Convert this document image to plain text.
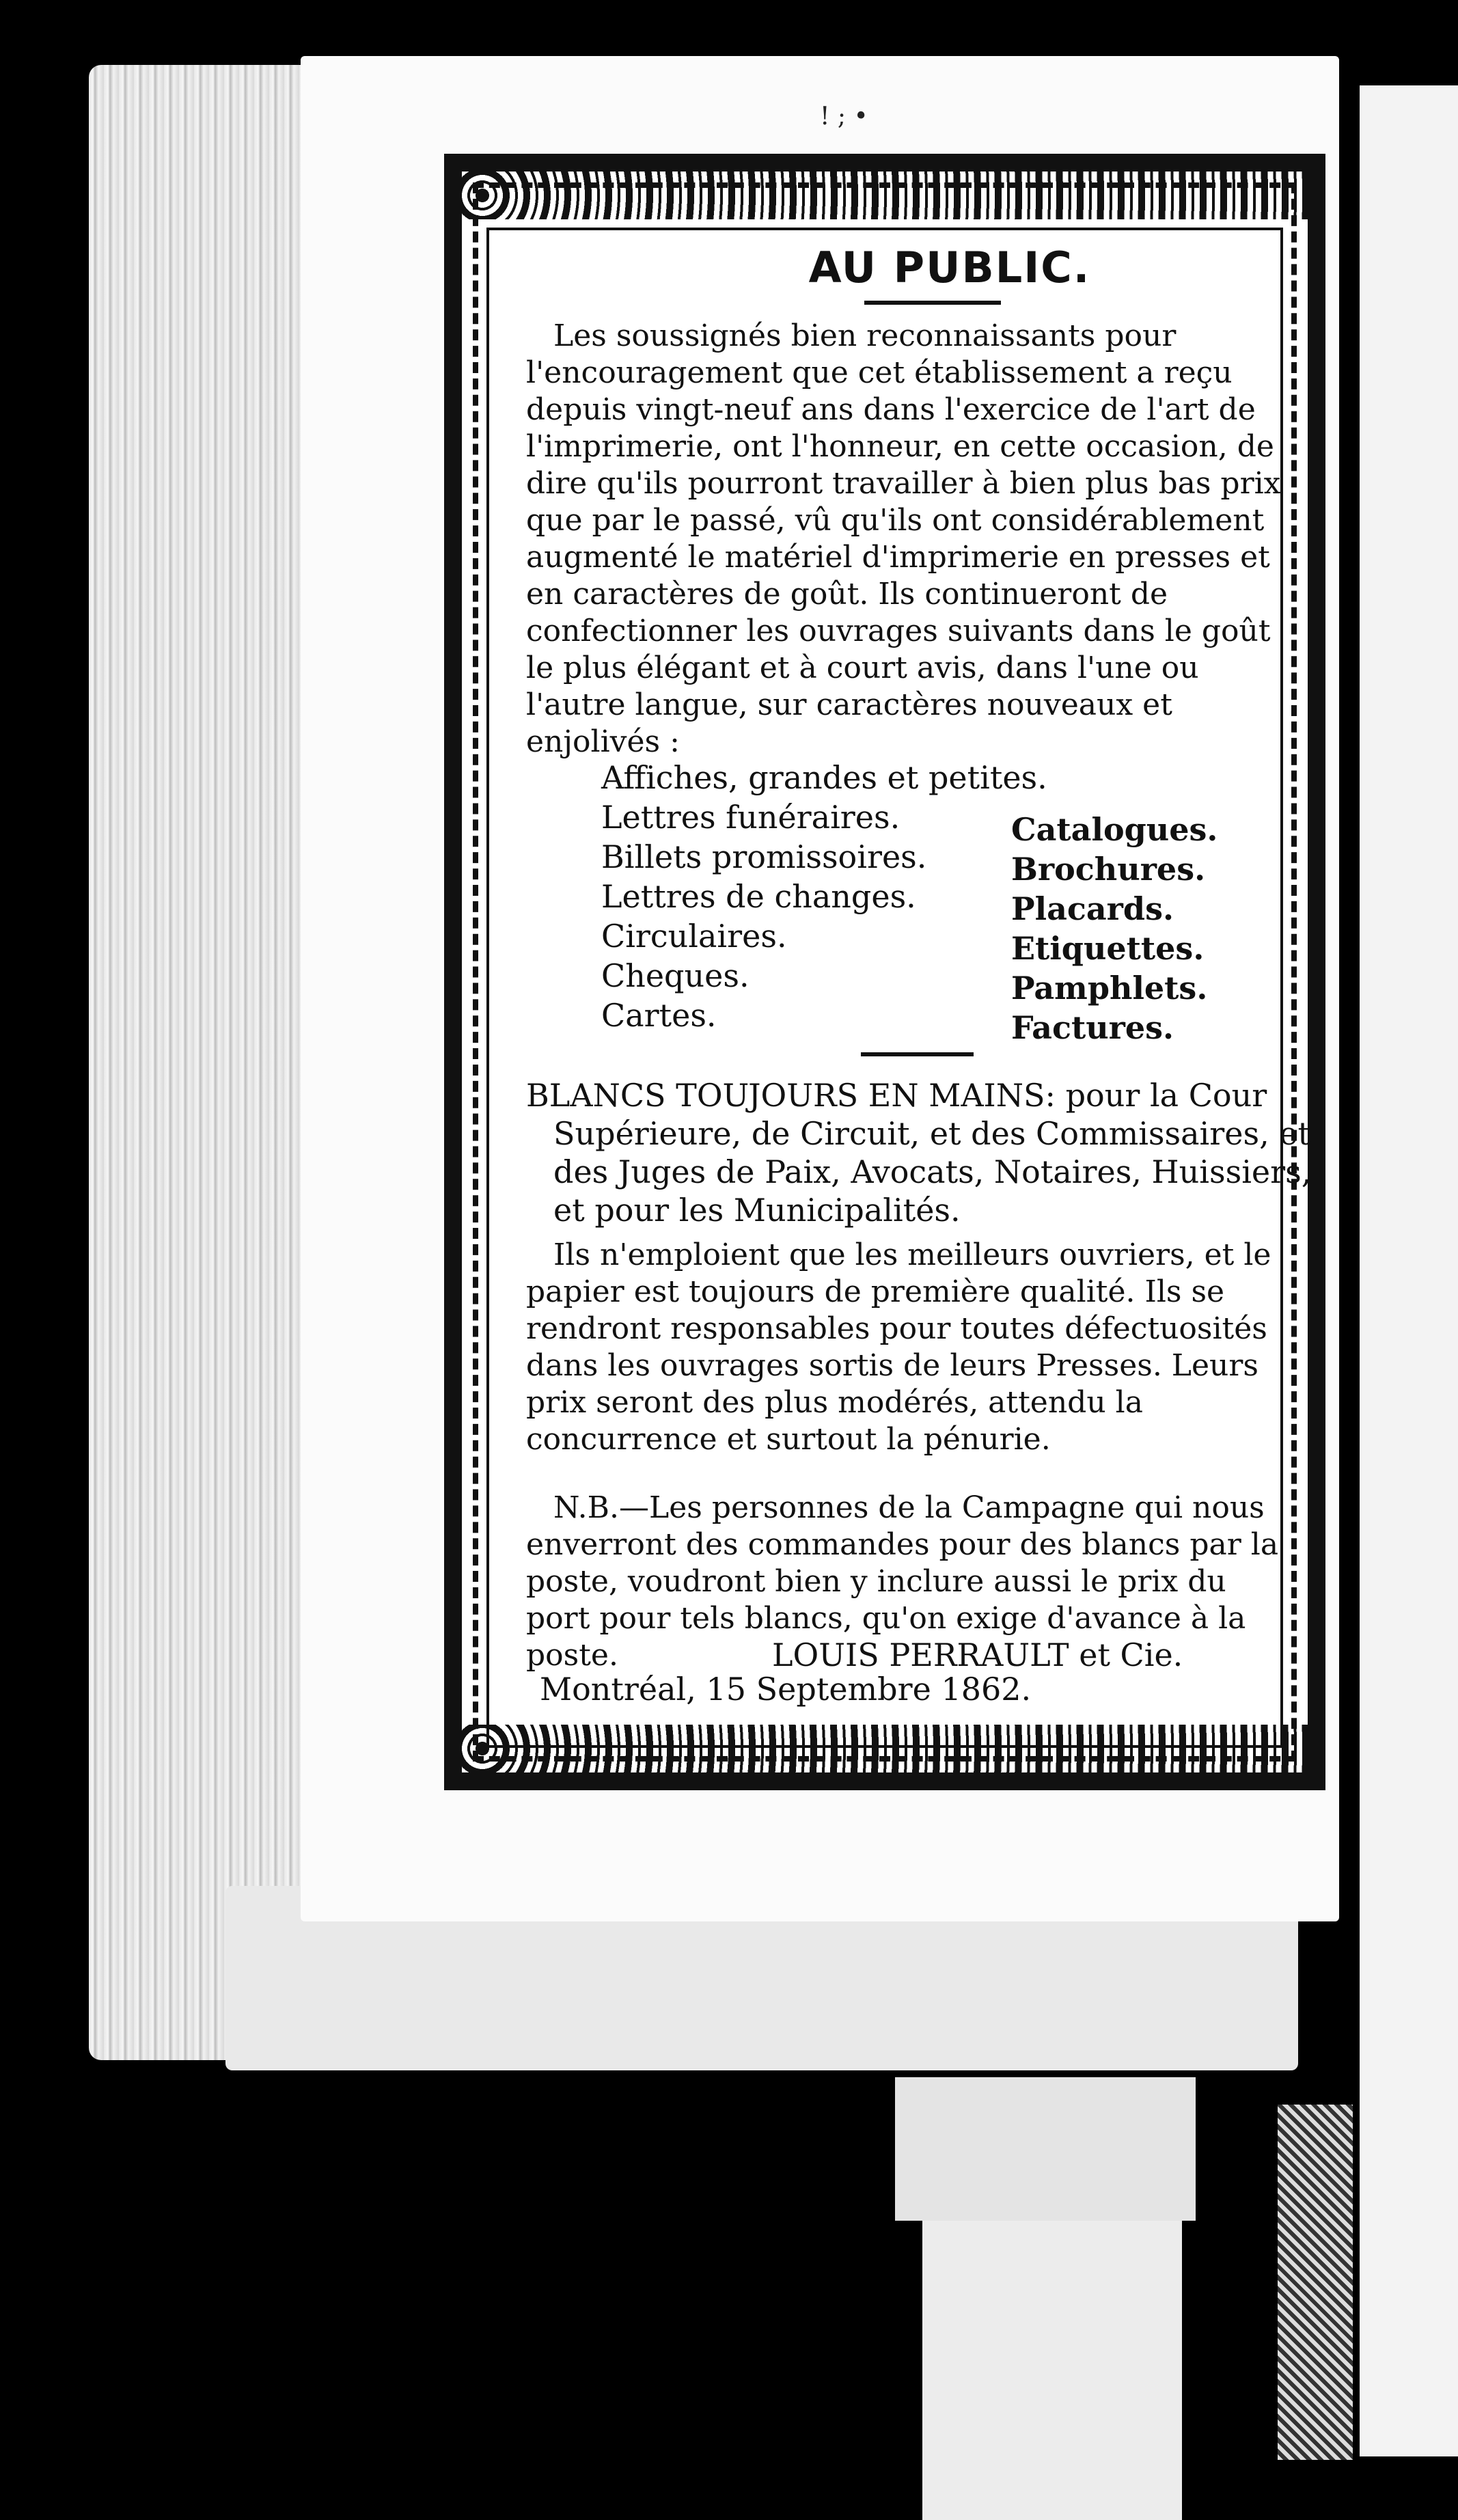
! ; •
AU PUBLIC.
Les soussignés bien reconnaissants pour l'encouragement que cet établissement a reçu depuis vingt-neuf ans dans l'exercice de l'art de l'imprimerie, ont l'honneur, en cette occasion, de dire qu'ils pourront travailler à bien plus bas prix que par le passé, vû qu'ils ont considérablement augmenté le matériel d'imprimerie en presses et en caractères de goût. Ils continueront de confectionner les ouvrages suivants dans le goût le plus élégant et à court avis, dans l'une ou l'autre langue, sur caractères nouveaux et enjolivés :
Affiches, grandes et petites.
Lettres funéraires.
Billets promissoires.
Lettres de changes.
Circulaires.
Cheques.
Cartes.
Catalogues.
Brochures.
Placards.
Etiquettes.
Pamphlets.
Factures.
BLANCS TOUJOURS EN MAINS: pour la Cour Supérieure, de Circuit, et des Commissaires, et des Juges de Paix, Avocats, Notaires, Huissiers, et pour les Municipalités.
Ils n'emploient que les meilleurs ouvriers, et le papier est toujours de première qualité. Ils se rendront responsables pour toutes défectuosités dans les ouvrages sortis de leurs Presses. Leurs prix seront des plus modérés, attendu la concurrence et surtout la pénurie.
N.B.—Les personnes de la Campagne qui nous enverront des commandes pour des blancs par la poste, voudront bien y inclure aussi le prix du port pour tels blancs, qu'on exige d'avance à la poste.	LOUIS PERRAULT et Cie.
Montréal, 15 Septembre 1862.
